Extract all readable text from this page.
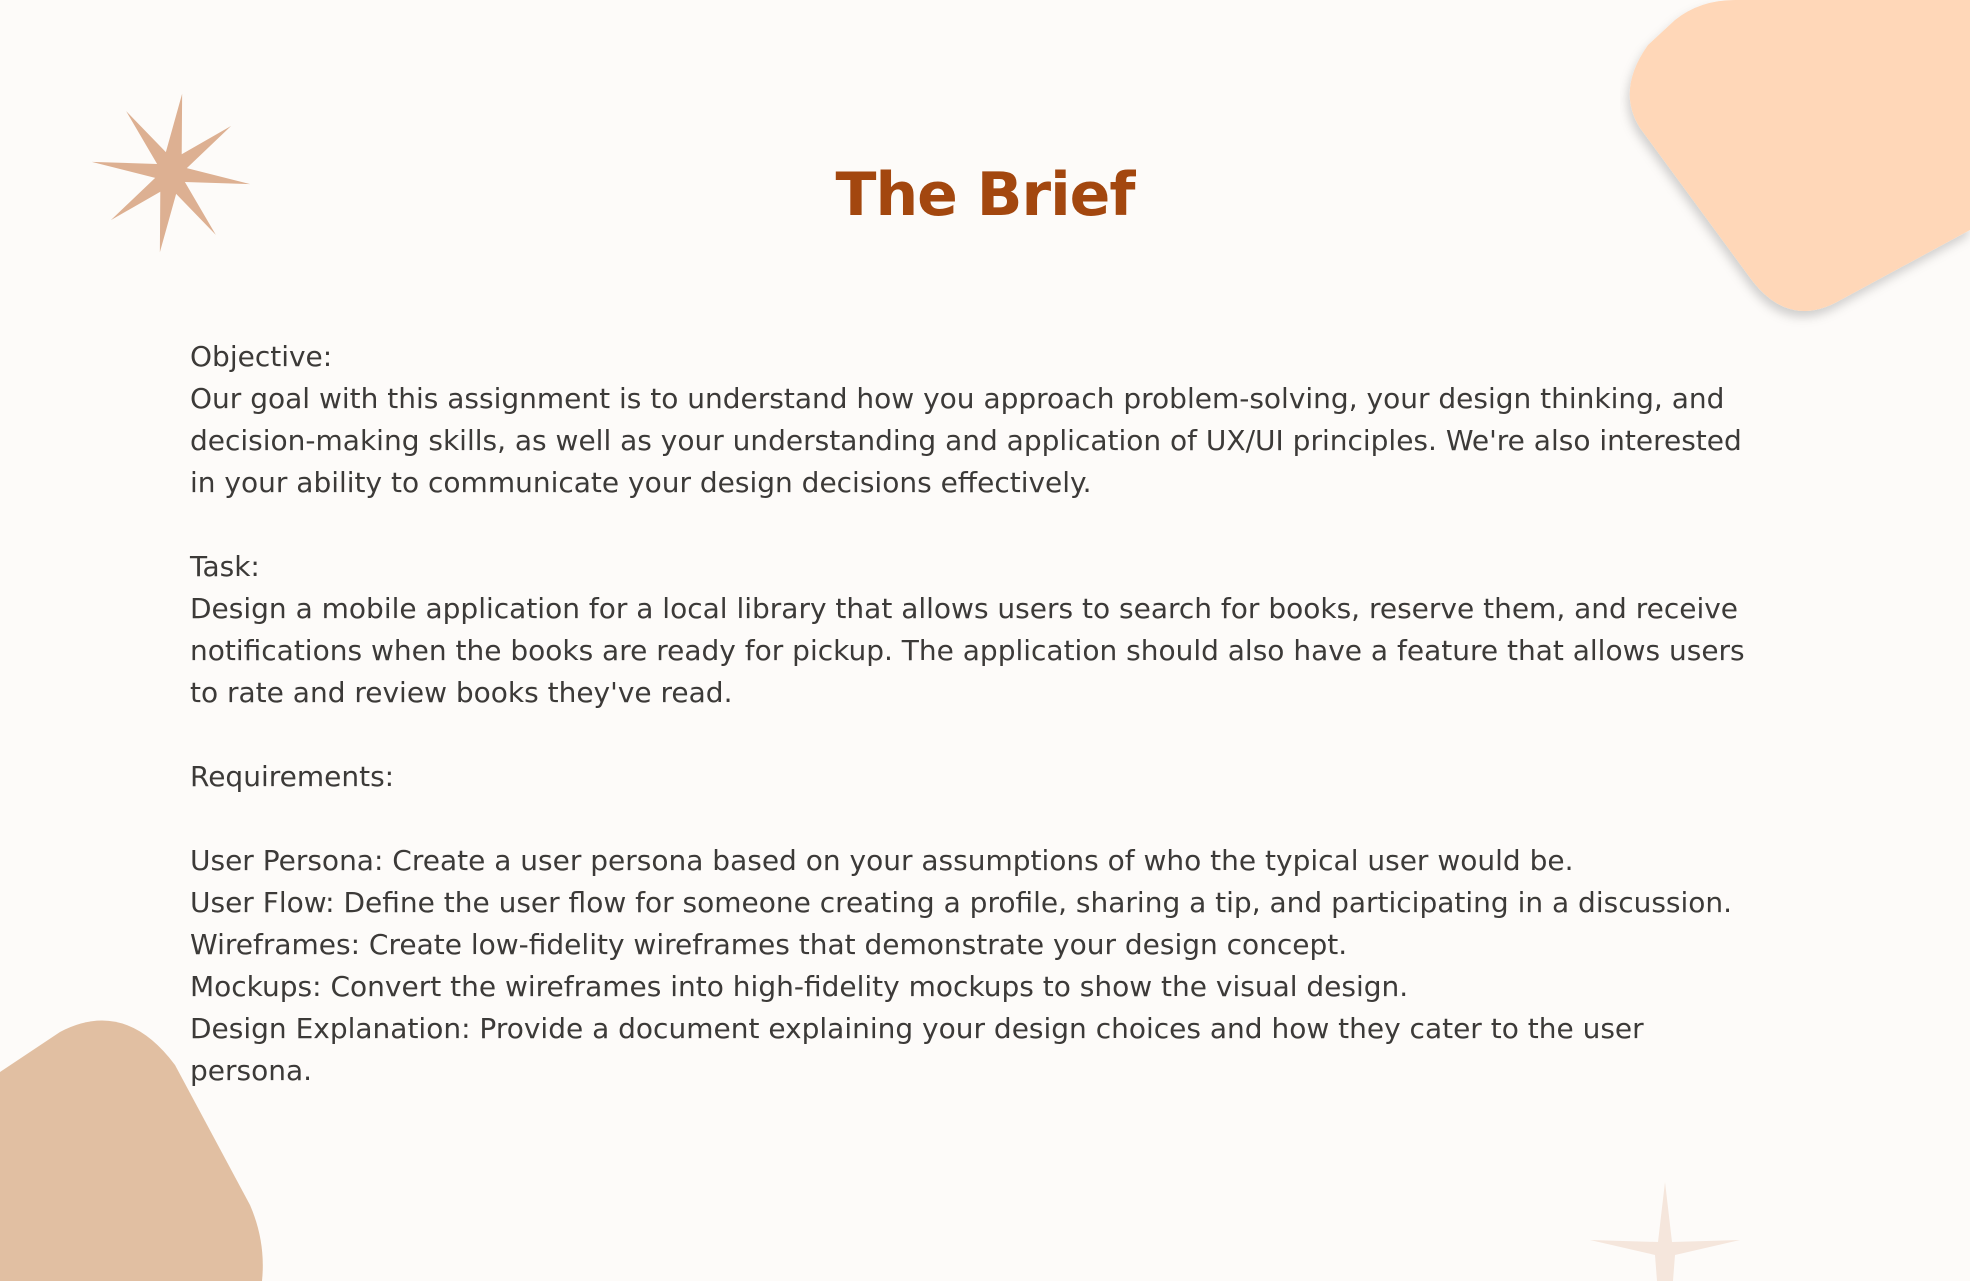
The Brief

Objective:

Our goal with this assignment is to understand how you approach problem-solving, your design thinking, and

decision-making skills, as well as your understanding and application of UX/UI principles. We're also interested

in your ability to communicate your design decisions effectively.

Task:

Design a mobile application for a local library that allows users to search for books, reserve them, and receive

notifications when the books are ready for pickup. The application should also have a feature that allows users

to rate and review books they've read.

Requirements:

User Persona: Create a user persona based on your assumptions of who the typical user would be.

User Flow: Define the user flow for someone creating a profile, sharing a tip, and participating in a discussion.

Wireframes: Create low-fidelity wireframes that demonstrate your design concept.

Mockups: Convert the wireframes into high-fidelity mockups to show the visual design.

Design Explanation: Provide a document explaining your design choices and how they cater to the user

persona.
